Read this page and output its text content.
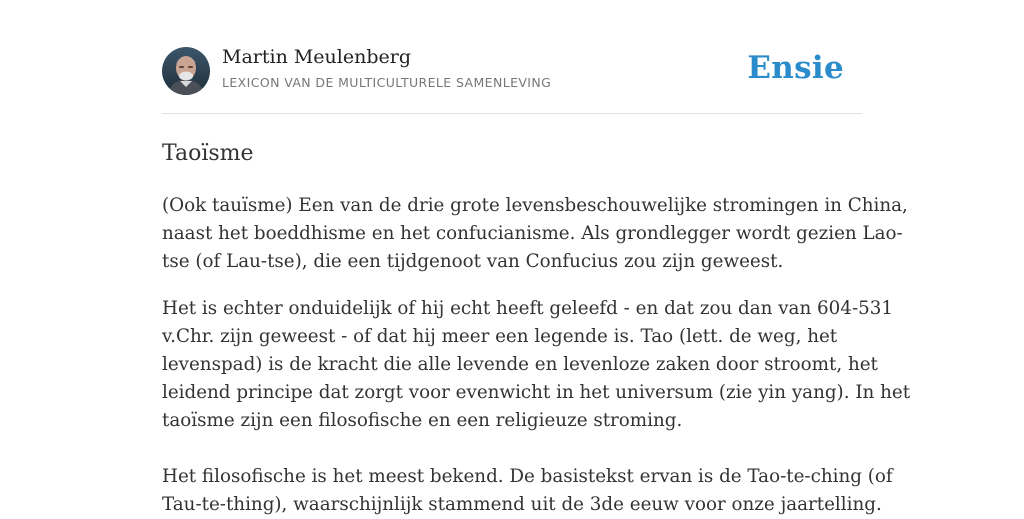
Martin Meulenberg
LEXICON VAN DE MULTICULTURELE SAMENLEVING	Ensie
Taoïsme

(Ook tauïsme) Een van de drie grote levensbeschouwelijke stromingen in China,
naast het boeddhisme en het confucianisme. Als grondlegger wordt gezien Lao-
tse (of Lau-tse), die een tijdgenoot van Confucius zou zijn geweest.

Het is echter onduidelijk of hij echt heeft geleefd - en dat zou dan van 604-531
v.Chr. zijn geweest - of dat hij meer een legende is. Tao (lett. de weg, het
levenspad) is de kracht die alle levende en levenloze zaken door stroomt, het
leidend principe dat zorgt voor evenwicht in het universum (zie yin yang). In het
taoïsme zijn een filosofische en een religieuze stroming.

Het filosofische is het meest bekend. De basistekst ervan is de Tao-te-ching (of
Tau-te-thing), waarschijnlijk stammend uit de 3de eeuw voor onze jaartelling.
